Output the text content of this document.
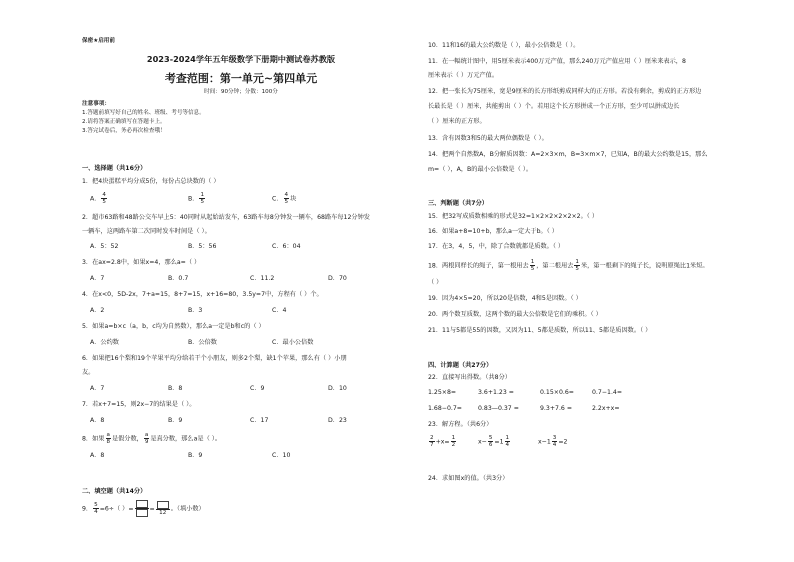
保密★启用前
2023-2024学年五年级数学下册期中测试卷苏教版
考查范围：第一单元~第四单元
时间：90分钟；分数：100分
注意事项：
1.答题前填写好自己的姓名、班级、考号等信息。
2.请将答案正确填写在答题卡上。
3.答完试卷后，务必再次检查哦！
一、选择题（共16分）
1．把4块蛋糕平均分成5份，每份占总块数的（ ）
A． $\frac{4}{5}$	B． $\frac{1}{5}$	C． $\frac{4}{5}$ 块
2．超市63路和48路公交车早上5：40同时从起始站发车，63路车每8分钟发一辆车，68路车每12分钟发
一辆车，这两路车第二次同时发车时间是（ ）。
A．5：52	B．5：56	C．6：04
3．在ax=2.8中，如果x=4，那么a=（ ）
A．7	B．0.7	C．11.2	D．70
4．在x<0，5D-2x，7+a=15，8+7=15，x+16=80，3.5y=7中，方程有（ ）个。
A．2	B．3	C．4
5．如果a=b×c（a，b，c均为自然数），那么a一定是b和c的（ ）
A．公约数	B．公倍数	C．最小公倍数
6．如果把16个梨和19个苹果平均分给若干个小朋友，则多2个梨，缺1个苹果，那么有（ ）小朋
友。
A．7	B．8	C．9	D．10
7．若x+7=15，则2x−7的结果是（ ）。
A．8	B．9	C．17	D．23
8．如果 $\frac{a}{8}$ 是假分数， $\frac{a}{9}$ 是真分数，那么a是（ ）。
A．8	B．9	C．10
二、填空题（共14分）
9． $\frac{5}{4} =6\div$（ ）=	=
12
。（填小数）
10．11和16的最大公约数是（ ），最小公倍数是（ ）。
11．在一幅统计图中，用5厘米表示400万元产值，那么240万元产值应用（ ）厘米来表示，8
厘米表示（ ）万元产值。
12．把一张长为75厘米，宽是9厘米的长方形纸剪成同样大的正方形。若没有剩余，剪成的正方形边
长最长是（ ）厘米，共能剪出（ ）个。若用这个长方形拼成一个正方形，至少可以拼成边长
（ ）厘米的正方形。
13．含有因数3和5的最大两位偶数是（ ）。
14．把两个自然数A，B分解质因数：A=2×3×m，B=3×m×7，已知A，B的最大公约数是15，那么
m=（ ），A，B的最小公倍数是（ ）。
三、判断题（共7分）
15．把32写成质数相乘的形式是32=1×2×2×2×2×2。（ ）
16．如果a+8=10+b，那么a一定大于b。（ ）
17．在3，4，5，中，除了合数就都是质数。（ ）
18．两根同样长的绳子，第一根用去 $\frac{1}{5}$ ，第二根用去 $\frac{1}{5}$ 米，第一根剩下的绳子长，说明原绳比1米短。
（ ）
19．因为4×5=20，所以20是倍数，4和5是因数。（ ）
20．两个数互质数，这两个数的最大公倍数是它们的乘积。（ ）
21．11与5都是55的因数，又因为11、5都是质数，所以11、5都是质因数。（ ）
四、计算题（共27分）
22．直接写出得数。（共8分）
1.25×8=	3.6+1.23 =	0.15×0.6=	0.7−1.4=
1.68−0.7=	0.83—0.37 =	9.3+7.6 =	2.2x+x=
23．解方程。（共6分）
$\frac{2}{7} +x= \frac{1}{2}$	$x- \frac{5}{6} =1 \frac{1}{4}$	$x-1 \frac{3}{4} =2$
24．求如图x的值。（共3分）
